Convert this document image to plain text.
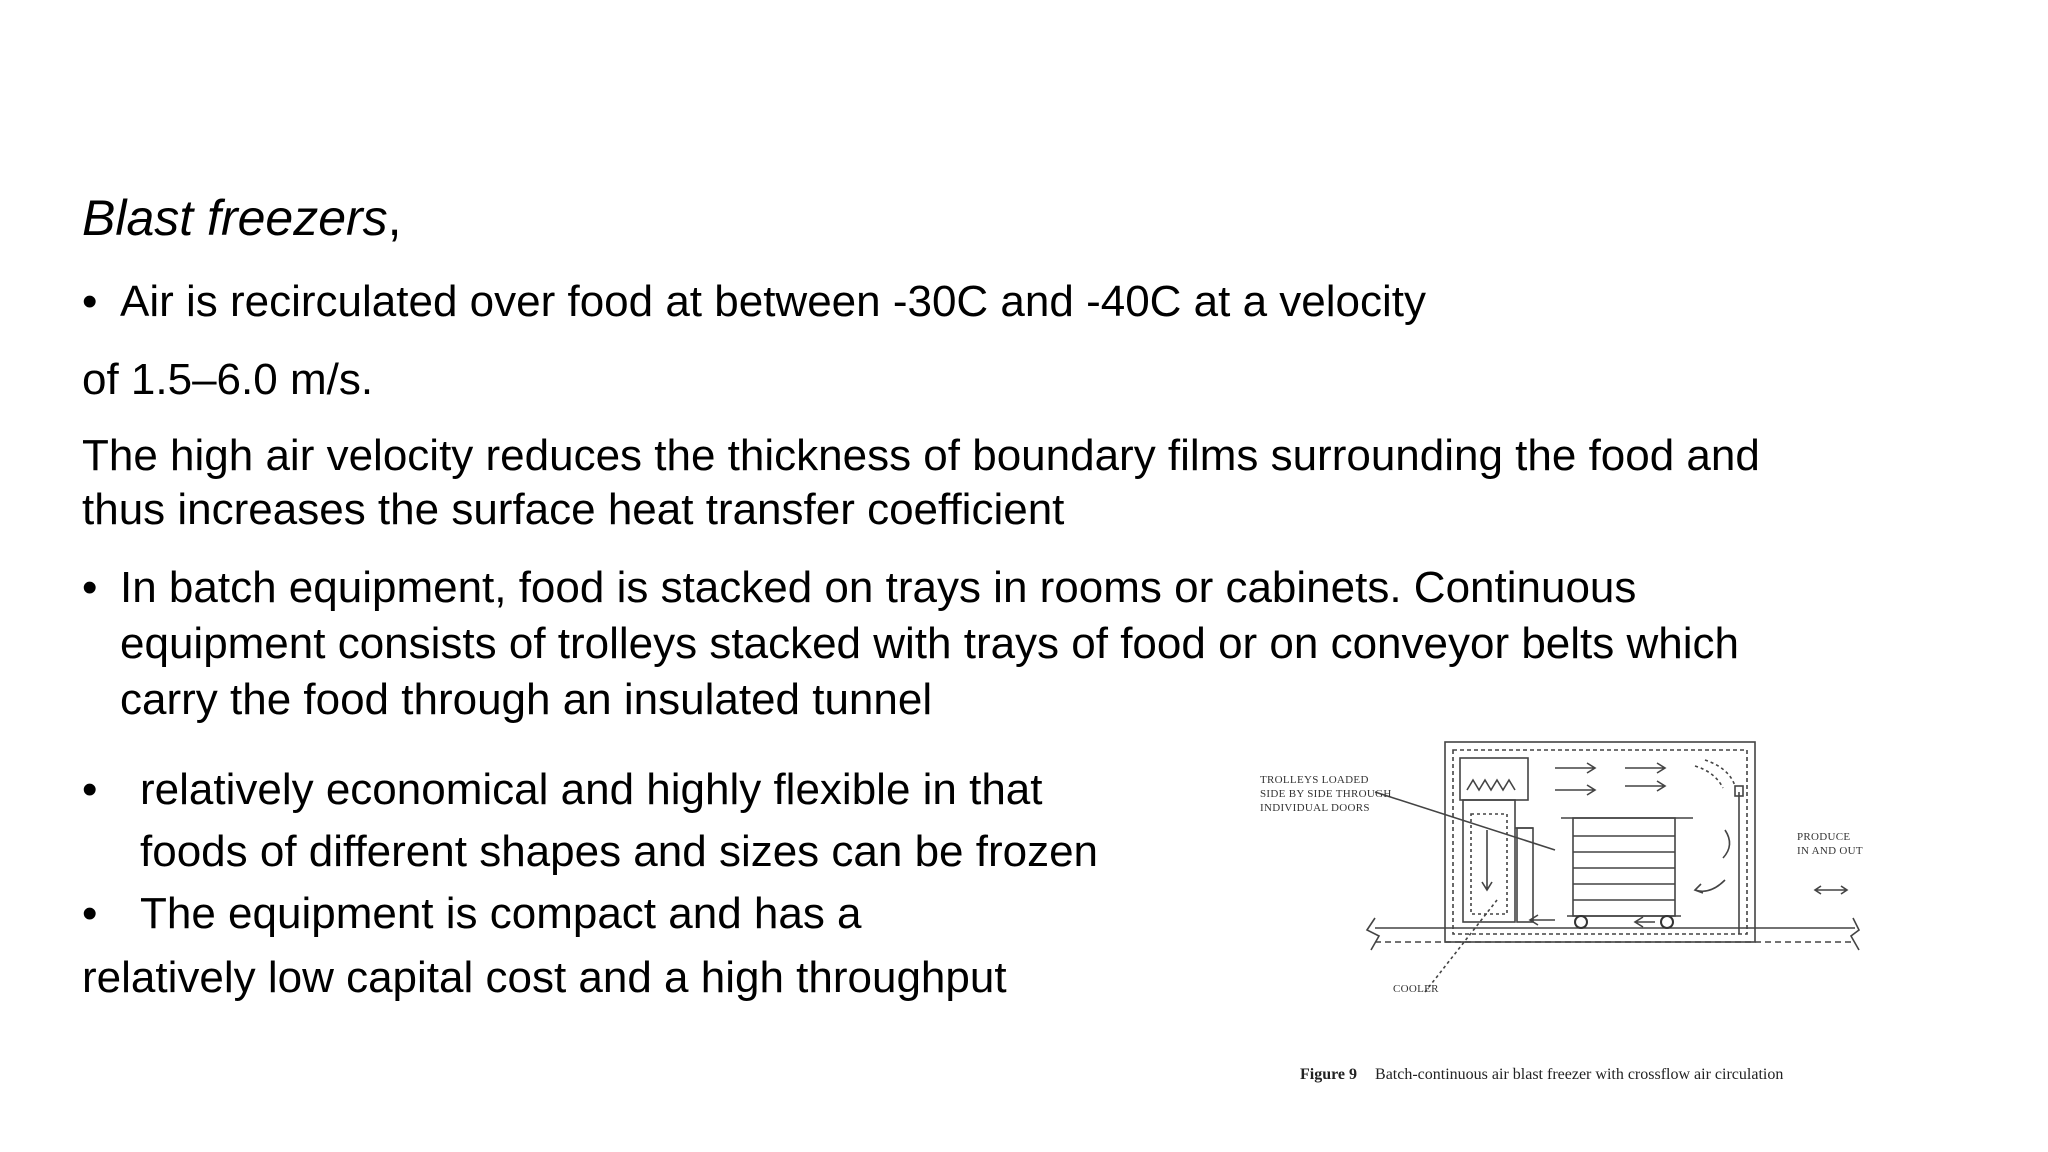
Blast freezers,
• Air is recirculated over food at between -30C and -40C at a velocity
of 1.5–6.0 m/s.
The high air velocity reduces the thickness of boundary films surrounding the food and
thus increases the surface heat transfer coefficient
• In batch equipment, food is stacked on trays in rooms or cabinets. Continuous
equipment consists of trolleys stacked with trays of food or on conveyor belts which
carry the food through an insulated tunnel
• relatively economical and highly flexible in that
foods of different shapes and sizes can be frozen
• The equipment is compact and has a
relatively low capital cost and a high throughput
TROLLEYS LOADED
SIDE BY SIDE THROUGH
INDIVIDUAL DOORS
PRODUCE
IN AND OUT
COOLER
Figure 9 Batch-continuous air blast freezer with crossflow air circulation
